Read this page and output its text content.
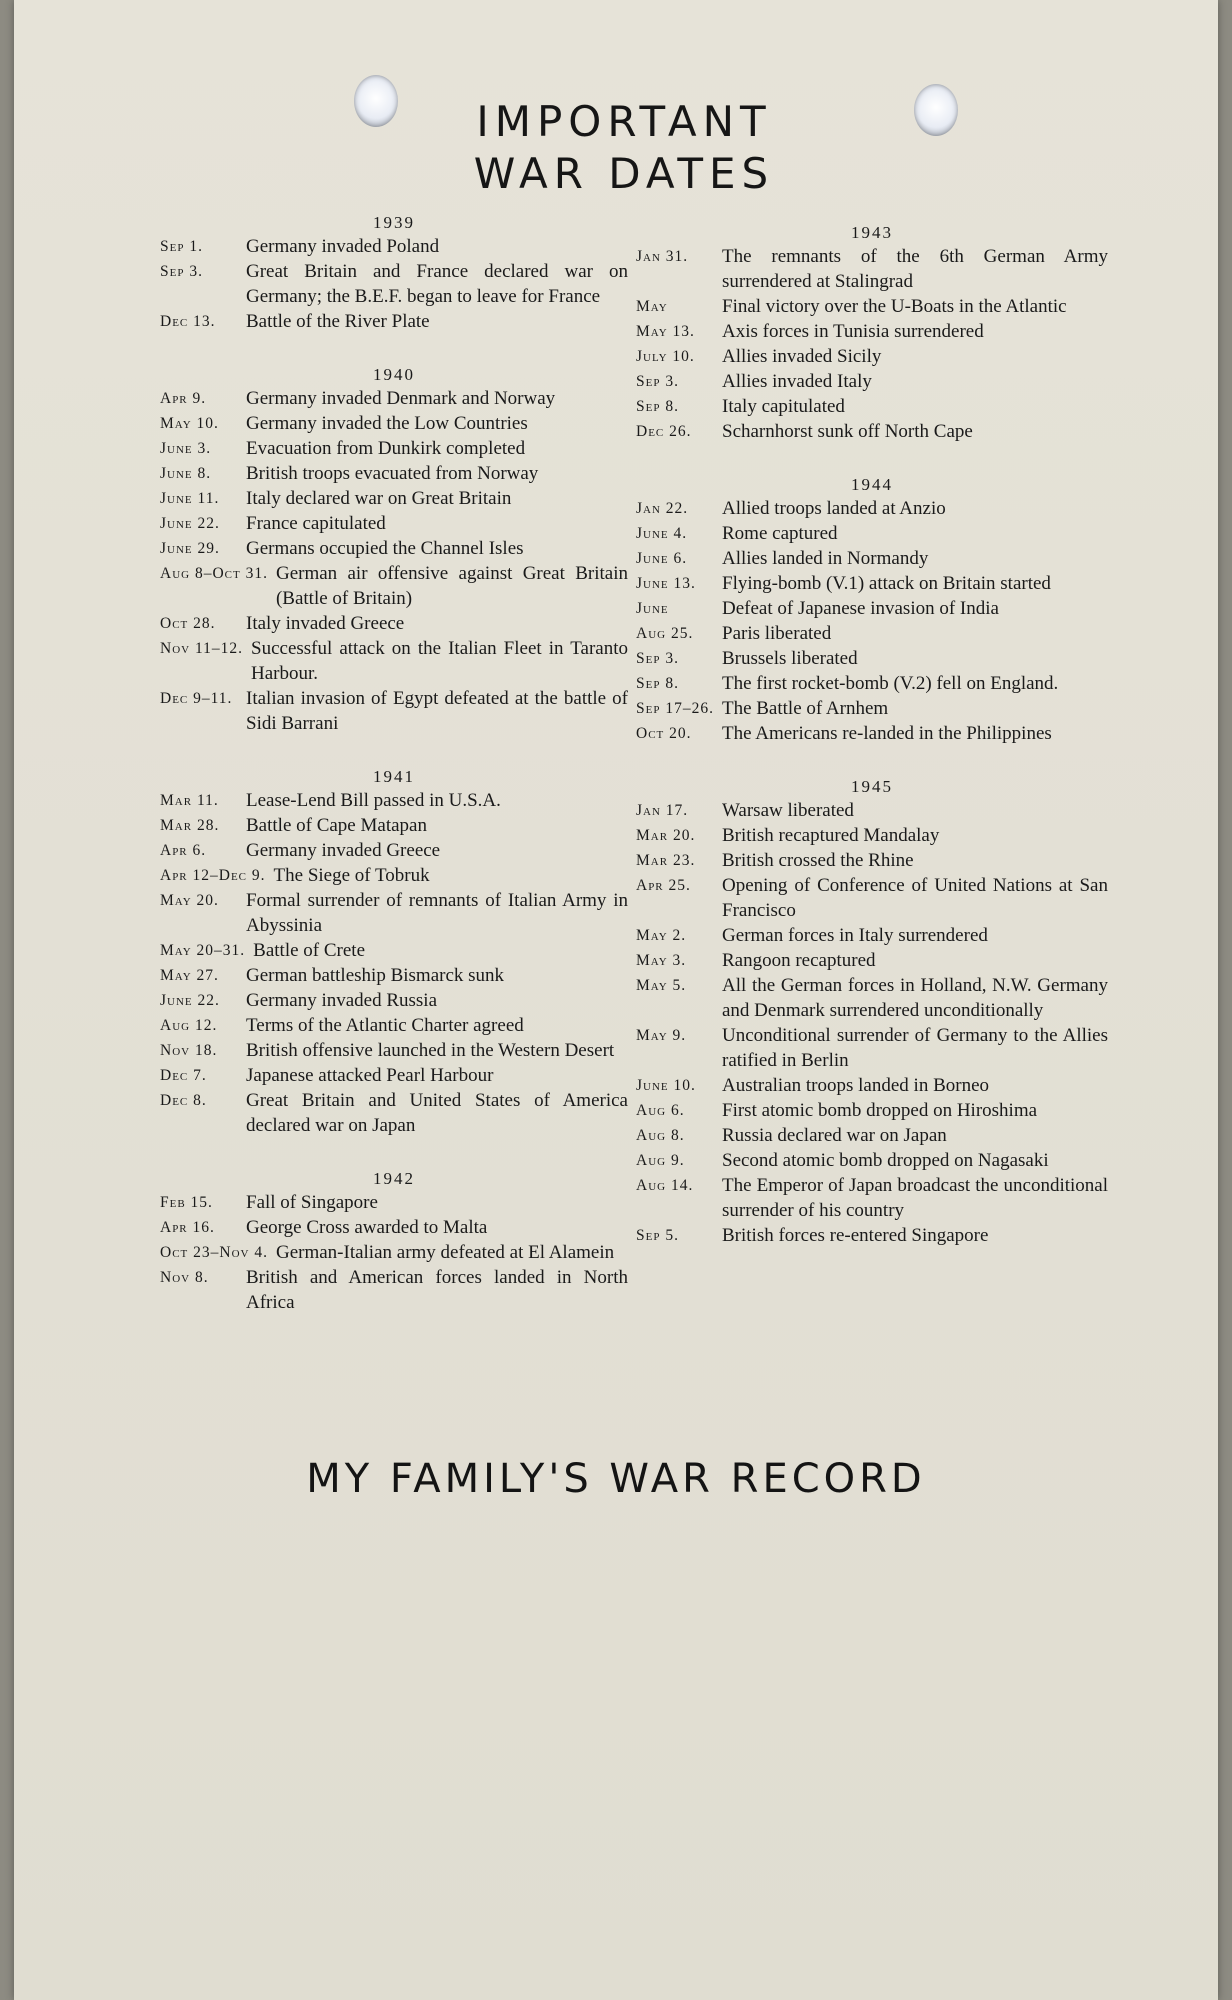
IMPORTANT
WAR DATES
1939
Sep 1.	Germany invaded Poland
Sep 3.	Great Britain and France declared war on Germany; the B.E.F. began to leave for France
Dec 13.	Battle of the River Plate
1940
Apr 9.	Germany invaded Denmark and Norway
May 10.	Germany invaded the Low Countries
June 3.	Evacuation from Dunkirk completed
June 8.	British troops evacuated from Norway
June 11.	Italy declared war on Great Britain
June 22.	France capitulated
June 29.	Germans occupied the Channel Isles
Aug 8–Oct 31. German air offensive against Great Britain (Battle of Britain)
Oct 28.	Italy invaded Greece
Nov 11–12. Successful attack on the Italian Fleet in Taranto Harbour.
Dec 9–11. Italian invasion of Egypt defeated at the battle of Sidi Barrani
1941
Mar 11.	Lease-Lend Bill passed in U.S.A.
Mar 28.	Battle of Cape Matapan
Apr 6.	Germany invaded Greece
Apr 12–Dec 9. The Siege of Tobruk
May 20.	Formal surrender of remnants of Italian Army in Abyssinia
May 20–31. Battle of Crete
May 27.	German battleship Bismarck sunk
June 22.	Germany invaded Russia
Aug 12.	Terms of the Atlantic Charter agreed
Nov 18.	British offensive launched in the Western Desert
Dec 7.	Japanese attacked Pearl Harbour
Dec 8.	Great Britain and United States of America declared war on Japan
1942
Feb 15.	Fall of Singapore
Apr 16.	George Cross awarded to Malta
Oct 23–Nov 4. German-Italian army defeated at El Alamein
Nov 8.	British and American forces landed in North Africa
1943
Jan 31.	The remnants of the 6th German Army surrendered at Stalingrad
May	Final victory over the U-Boats in the Atlantic
May 13.	Axis forces in Tunisia surrendered
July 10.	Allies invaded Sicily
Sep 3.	Allies invaded Italy
Sep 8.	Italy capitulated
Dec 26.	Scharnhorst sunk off North Cape
1944
Jan 22.	Allied troops landed at Anzio
June 4.	Rome captured
June 6.	Allies landed in Normandy
June 13.	Flying-bomb (V.1) attack on Britain started
June	Defeat of Japanese invasion of India
Aug 25.	Paris liberated
Sep 3.	Brussels liberated
Sep 8.	The first rocket-bomb (V.2) fell on England.
Sep 17–26. The Battle of Arnhem
Oct 20.	The Americans re-landed in the Philippines
1945
Jan 17.	Warsaw liberated
Mar 20.	British recaptured Mandalay
Mar 23.	British crossed the Rhine
Apr 25.	Opening of Conference of United Nations at San Francisco
May 2.	German forces in Italy surrendered
May 3.	Rangoon recaptured
May 5.	All the German forces in Holland, N.W. Germany and Denmark surrendered unconditionally
May 9.	Unconditional surrender of Germany to the Allies ratified in Berlin
June 10.	Australian troops landed in Borneo
Aug 6.	First atomic bomb dropped on Hiroshima
Aug 8.	Russia declared war on Japan
Aug 9.	Second atomic bomb dropped on Nagasaki
Aug 14.	The Emperor of Japan broadcast the unconditional surrender of his country
Sep 5.	British forces re-entered Singapore
MY FAMILY'S WAR RECORD
